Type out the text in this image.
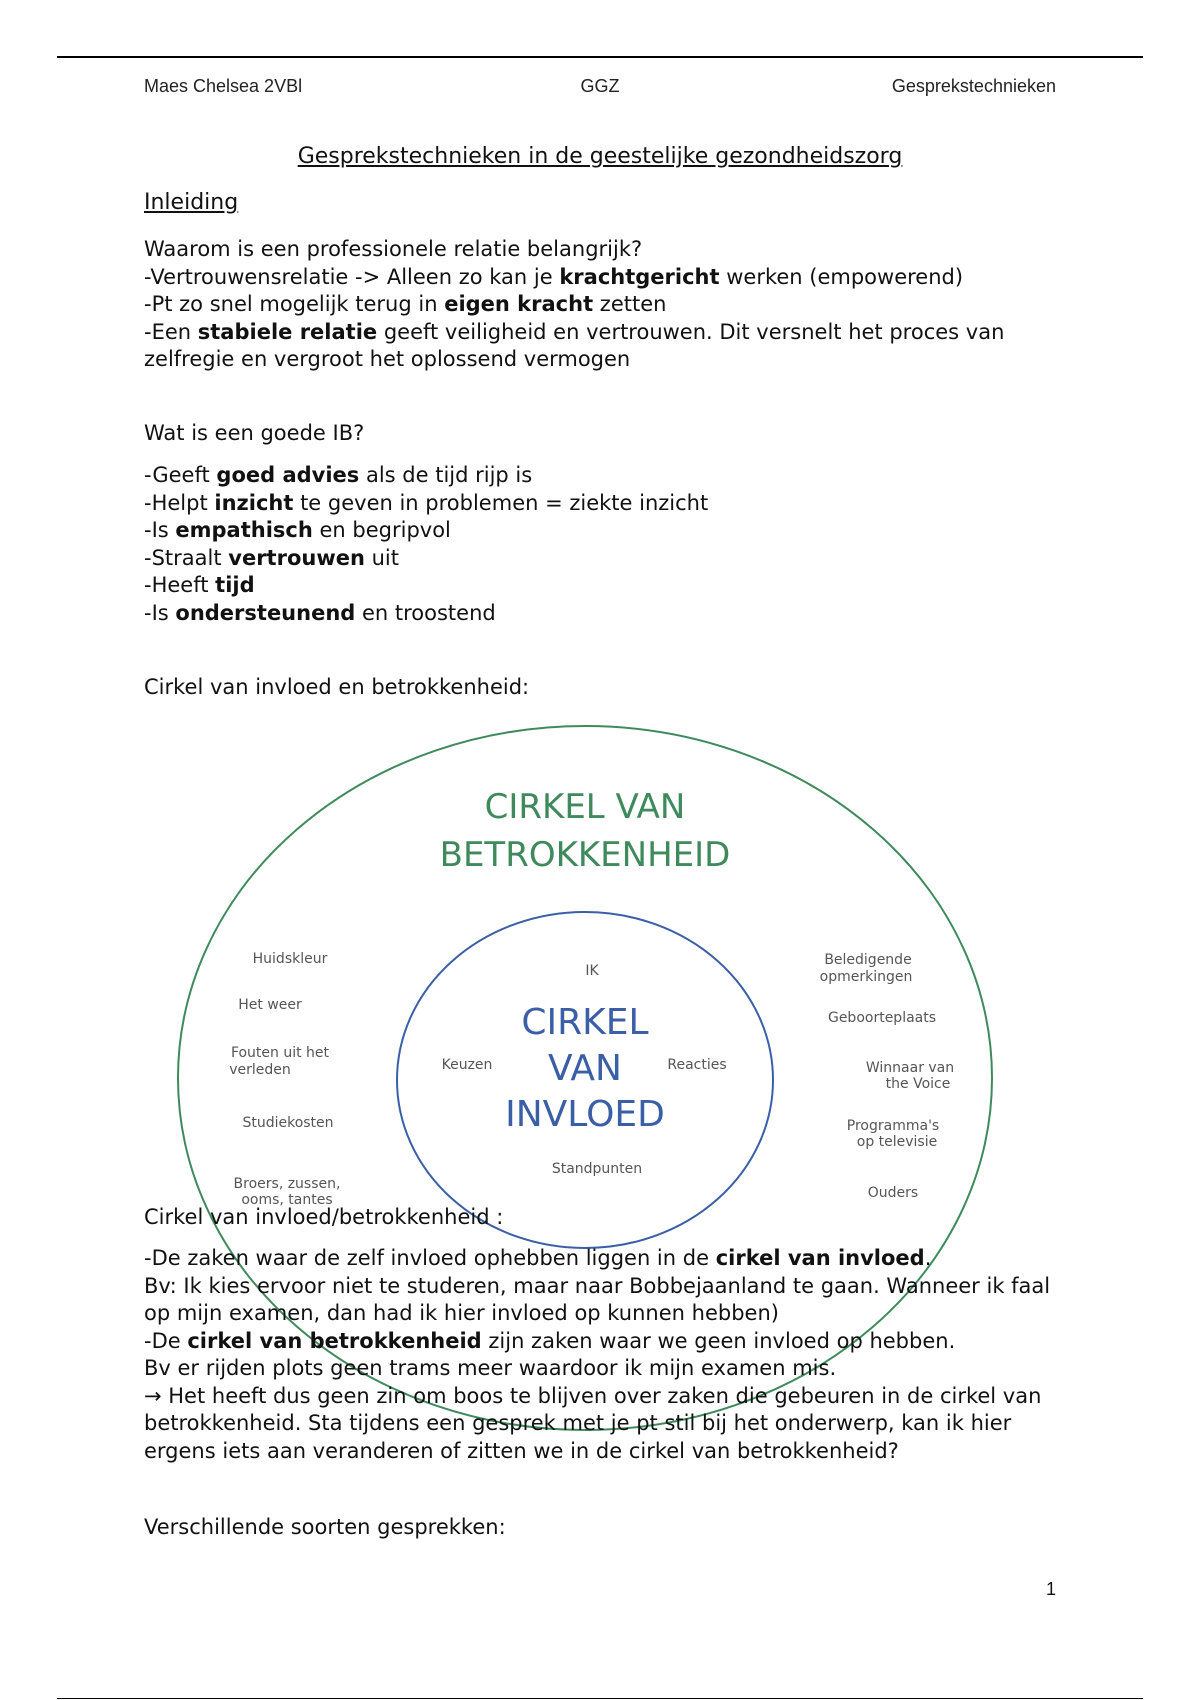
Maes Chelsea 2VBl	GGZ	Gesprekstechnieken
Gesprekstechnieken in de geestelijke gezondheidszorg
Inleiding
Waarom is een professionele relatie belangrijk?
-Vertrouwensrelatie -> Alleen zo kan je krachtgericht werken (empowerend)
-Pt zo snel mogelijk terug in eigen kracht zetten
-Een stabiele relatie geeft veiligheid en vertrouwen. Dit versnelt het proces van zelfregie en vergroot het oplossend vermogen
Wat is een goede IB?
-Geeft goed advies als de tijd rijp is
-Helpt inzicht te geven in problemen = ziekte inzicht
-Is empathisch en begripvol
-Straalt vertrouwen uit
-Heeft tijd
-Is ondersteunend en troostend
Cirkel van invloed en betrokkenheid:
CIRKEL VAN
BETROKKENHEID
CIRKEL
VAN
INVLOED
IK
Keuzen	Reacties
Standpunten
Huidskleur
Het weer
Fouten uit het
verleden
Studiekosten
Broers, zussen,
ooms, tantes
Beledigende
opmerkingen
Geboorteplaats
Winnaar van
the Voice
Programma's
op televisie
Ouders
Cirkel van invloed/betrokkenheid :
-De zaken waar de zelf invloed ophebben liggen in de cirkel van invloed.
Bv: Ik kies ervoor niet te studeren, maar naar Bobbejaanland te gaan. Wanneer ik faal op mijn examen, dan had ik hier invloed op kunnen hebben)
-De cirkel van betrokkenheid zijn zaken waar we geen invloed op hebben.
Bv er rijden plots geen trams meer waardoor ik mijn examen mis.
→ Het heeft dus geen zin om boos te blijven over zaken die gebeuren in de cirkel van betrokkenheid. Sta tijdens een gesprek met je pt stil bij het onderwerp, kan ik hier ergens iets aan veranderen of zitten we in de cirkel van betrokkenheid?
Verschillende soorten gesprekken:
1
